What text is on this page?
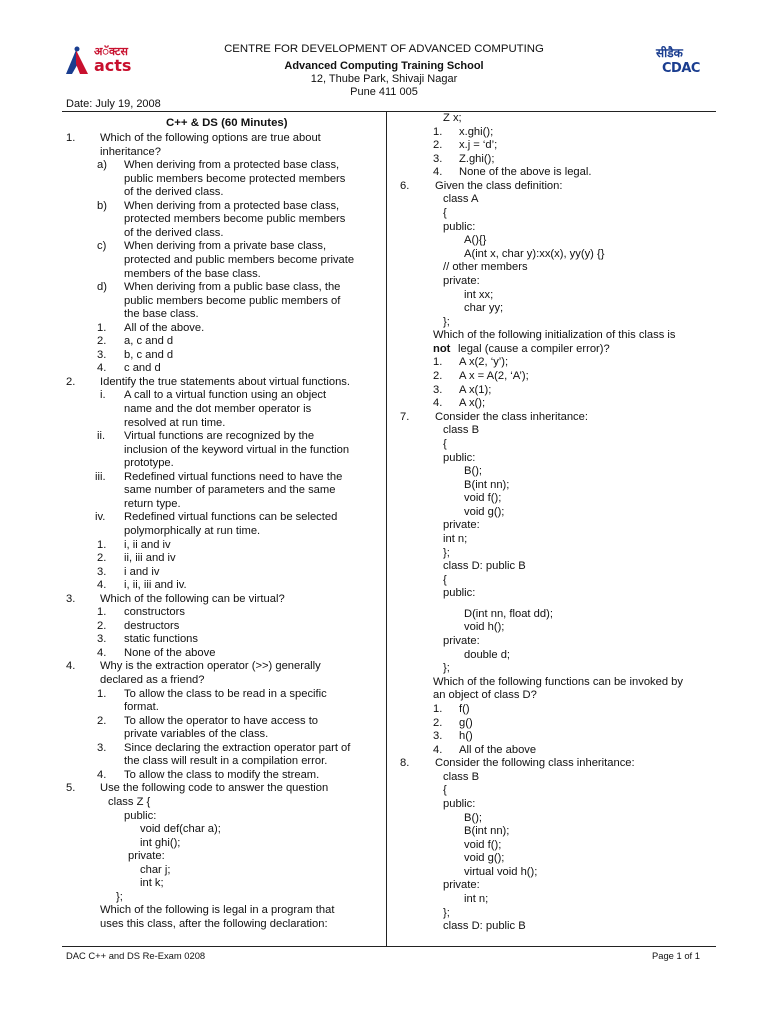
अॅक्टस
acts
सीडैक
CDAC
CENTRE FOR DEVELOPMENT OF ADVANCED COMPUTING
Advanced Computing Training School
12, Thube Park, Shivaji Nagar
Pune 411 005
Date: July 19, 2008
C++ & DS (60 Minutes)
1. Which of the following options are true about
inheritance?
a) When deriving from a protected base class,
public members become protected members
of the derived class.
b) When deriving from a protected base class,
protected members become public members
of the derived class.
c) When deriving from a private base class,
protected and public members become private
members of the base class.
d) When deriving from a public base class, the
public members become public members of
the base class.
1. All of the above.
2. a, c and d
3. b, c and d
4. c and d
2. Identify the true statements about virtual functions.
i. A call to a virtual function using an object
name and the dot member operator is
resolved at run time.
ii. Virtual functions are recognized by the
inclusion of the keyword virtual in the function
prototype.
iii. Redefined virtual functions need to have the
same number of parameters and the same
return type.
iv. Redefined virtual functions can be selected
polymorphically at run time.
1. i, ii and iv
2. ii, iii and iv
3. i and iv
4. i, ii, iii and iv.
3. Which of the following can be virtual?
1. constructors
2. destructors
3. static functions
4. None of the above
4. Why is the extraction operator (>>) generally
declared as a friend?
1. To allow the class to be read in a specific
format.
2. To allow the operator to have access to
private variables of the class.
3. Since declaring the extraction operator part of
the class will result in a compilation error.
4. To allow the class to modify the stream.
5. Use the following code to answer the question
class Z {
public:
void def(char a);
int ghi();
private:
char j;
int k;
};
Which of the following is legal in a program that
uses this class, after the following declaration:
Z x;
1. x.ghi();
2. x.j = ‘d’;
3. Z.ghi();
4. None of the above is legal.
6. Given the class definition:
class A
{
public:
A(){}
A(int x, char y):xx(x), yy(y) {}
// other members
private:
int xx;
char yy;
};
Which of the following initialization of this class is
legal (cause a compiler error)?
1. A x(2, ‘y’);
2. A x = A(2, ‘A’);
3. A x(1);
4. A x();
7. Consider the class inheritance:
class B
{
public:
B();
B(int nn);
void f();
void g();
private:
int n;
};
class D: public B
{
public:
D(int nn, float dd);
void h();
private:
double d;
};
Which of the following functions can be invoked by
an object of class D?
1. f()
2. g()
3. h()
4. All of the above
8. Consider the following class inheritance:
class B
{
public:
B();
B(int nn);
void f();
void g();
virtual void h();
private:
int n;
};
class D: public B
not
DAC C++ and DS Re-Exam 0208	Page 1 of 1
